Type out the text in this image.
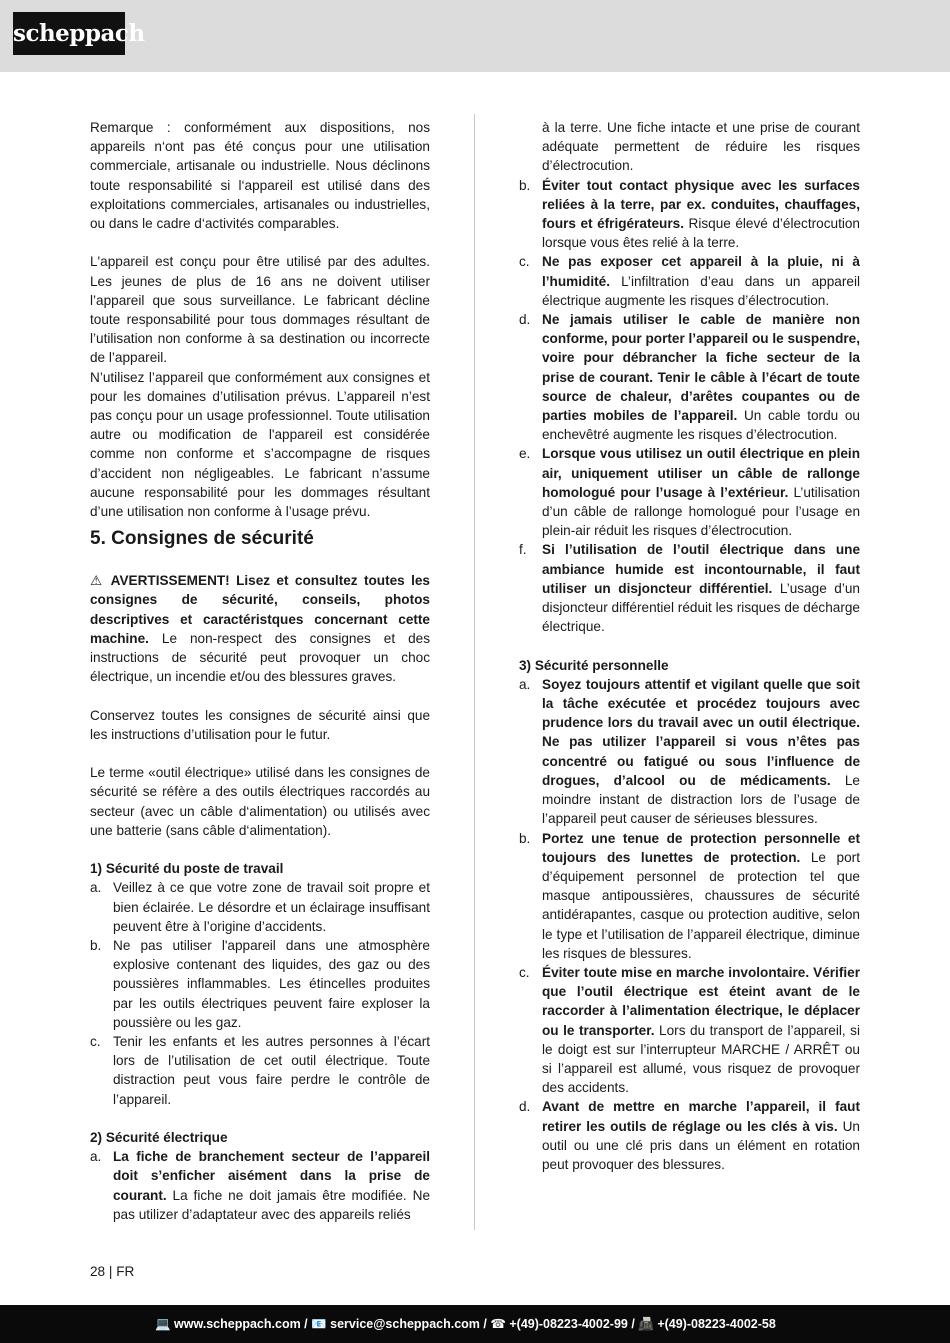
scheppach

Remarque : conformément aux dispositions, nos appareils n‘ont pas été conçus pour une utilisation commerciale, artisanale ou industrielle. Nous déclinons toute responsabilité si l‘appareil est utilisé dans des exploitations commerciales, artisanales ou industrielles, ou dans le cadre d‘activités comparables.

L'appareil est conçu pour être utilisé par des adultes. Les jeunes de plus de 16 ans ne doivent utiliser l’appareil que sous surveillance. Le fabricant décline toute responsabilité pour tous dommages résultant de l’utilisation non conforme à sa destination ou incorrecte de l’appareil.

N’utilisez l’appareil que conformément aux consignes et pour les domaines d’utilisation prévus. L’appareil n’est pas conçu pour un usage professionnel. Toute utilisation autre ou modification de l'appareil est considérée comme non conforme et s’accompagne de risques d’accident non négligeables. Le fabricant n’assume aucune responsabilité pour les dommages résultant d’une utilisation non conforme à l’usage prévu.

5. Consignes de sécurité

⚠ AVERTISSEMENT! Lisez et consultez toutes les consignes de sécurité, conseils, photos descriptives et caractéristques concernant cette machine. Le non-respect des consignes et des instructions de sécurité peut provoquer un choc électrique, un incendie et/ou des blessures graves.

Conservez toutes les consignes de sécurité ainsi que les instructions d’utilisation pour le futur.

Le terme «outil électrique» utilisé dans les consignes de sécurité se réfère a des outils électriques raccordés au secteur (avec un câble d‘alimentation) ou utilisés avec une batterie (sans câble d‘alimentation).

1) Sécurité du poste de travail

a. Veillez à ce que votre zone de travail soit propre et bien éclairée. Le désordre et un éclairage insuffisant peuvent être à l’origine d’accidents.
b. Ne pas utiliser l'appareil dans une atmosphère explosive contenant des liquides, des gaz ou des poussières inflammables. Les étincelles produites par les outils électriques peuvent faire exploser la poussière ou les gaz.
c. Tenir les enfants et les autres personnes à l’écart lors de l’utilisation de cet outil électrique. Toute distraction peut vous faire perdre le contrôle de l’appareil.

2) Sécurité électrique

a. La fiche de branchement secteur de l’appareil doit s’enficher aisément dans la prise de courant. La fiche ne doit jamais être modifiée. Ne pas utilizer d’adaptateur avec des appareils reliés
à la terre. Une fiche intacte et une prise de courant adéquate permettent de réduire les risques d’électrocution.
b. Éviter tout contact physique avec les surfaces reliées à la terre, par ex. conduites, chauffages, fours et éfrigérateurs. Risque élevé d’électrocution lorsque vous êtes relié à la terre.
c. Ne pas exposer cet appareil à la pluie, ni à l’humidité. L’infiltration d’eau dans un appareil électrique augmente les risques d’électrocution.
d. Ne jamais utiliser le cable de manière non conforme, pour porter l’appareil ou le suspendre, voire pour débrancher la fiche secteur de la prise de courant. Tenir le câble à l’écart de toute source de chaleur, d’arêtes coupantes ou de parties mobiles de l’appareil. Un cable tordu ou enchevêtré augmente les risques d’électrocution.
e. Lorsque vous utilisez un outil électrique en plein air, uniquement utiliser un câble de rallonge homologué pour l’usage à l’extérieur. L’utilisation d’un câble de rallonge homologué pour l’usage en plein-air réduit les risques d’électrocution.
f. Si l’utilisation de l’outil électrique dans une ambiance humide est incontournable, il faut utiliser un disjoncteur différentiel. L’usage d’un disjoncteur différentiel réduit les risques de décharge électrique.

3) Sécurité personnelle

a. Soyez toujours attentif et vigilant quelle que soit la tâche exécutée et procédez toujours avec prudence lors du travail avec un outil électrique. Ne pas utilizer l’appareil si vous n’êtes pas concentré ou fatigué ou sous l’influence de drogues, d’alcool ou de médicaments. Le moindre instant de distraction lors de l’usage de l’appareil peut causer de sérieuses blessures.
b. Portez une tenue de protection personnelle et toujours des lunettes de protection. Le port d’équipement personnel de protection tel que masque antipoussières, chaussures de sécurité antidérapantes, casque ou protection auditive, selon le type et l’utilisation de l’appareil électrique, diminue les risques de blessures.
c. Éviter toute mise en marche involontaire. Vérifier que l’outil électrique est éteint avant de le raccorder à l’alimentation électrique, le déplacer ou le transporter. Lors du transport de l’appareil, si le doigt est sur l’interrupteur MARCHE / ARRÊT ou si l’appareil est allumé, vous risquez de provoquer des accidents.
d. Avant de mettre en marche l’appareil, il faut retirer les outils de réglage ou les clés à vis. Un outil ou une clé pris dans un élément en rotation peut provoquer des blessures.
28 | FR
💻 www.scheppach.com / 📧 service@scheppach.com / ☎ +(49)-08223-4002-99 / 📠 +(49)-08223-4002-58
